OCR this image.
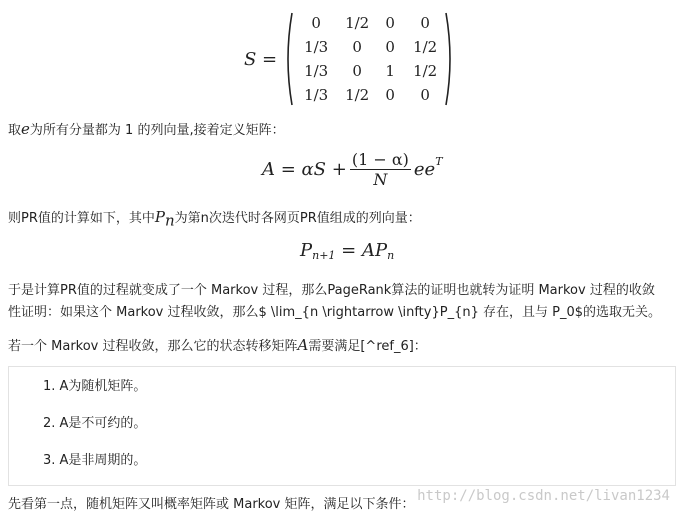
S =
0	1/2	0	0
1/3	0	0	1/2
1/3	0	1	1/2
1/3	1/2	0	0
取e为所有分量都为 1 的列向量,接着定义矩阵：
$A = \alpha S + \frac{(1 - \alpha)}{N} ee^T$
则PR值的计算如下，其中$P_n$为第n次迭代时各网页PR值组成的列向量：
$P_{n+1} = AP_n$
于是计算PR值的过程就变成了一个 Markov 过程，那么PageRank算法的证明也就转为证明 Markov 过程的收敛
性证明：如果这个 Markov 过程收敛，那么$ \lim_{n \rightarrow \infty}P_{n} 存在，且与 P_0$的选取无关。
若一个 Markov 过程收敛，那么它的状态转移矩阵A需要满足[^ref_6]：
1. A为随机矩阵。
2. A是不可约的。
3. A是非周期的。
先看第一点，随机矩阵又叫概率矩阵或 Markov 矩阵，满足以下条件：
http://blog.csdn.net/livan1234
